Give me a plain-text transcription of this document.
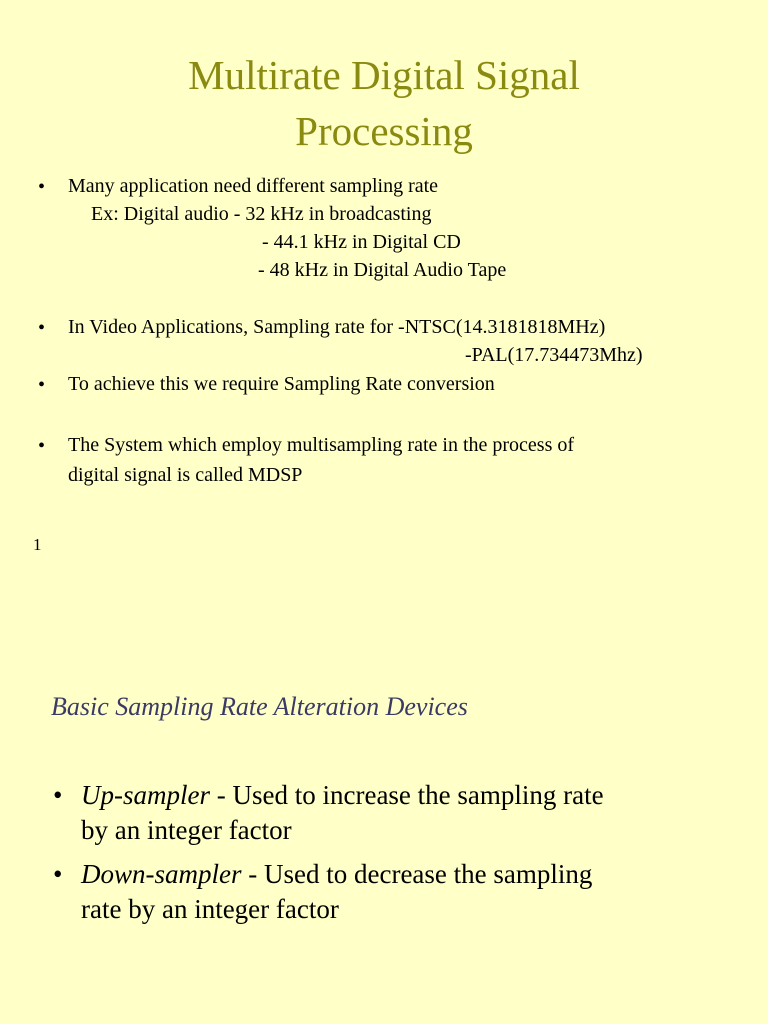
Multirate Digital Signal
Processing
• Many application need different sampling rate
Ex: Digital audio - 32 kHz in broadcasting
- 44.1 kHz in Digital CD
- 48 kHz in Digital Audio Tape
• In Video Applications, Sampling rate for -NTSC(14.3181818MHz)
-PAL(17.734473Mhz)
• To achieve this we require Sampling Rate conversion
• The System which employ multisampling rate in the process of
digital signal is called MDSP
1
Basic Sampling Rate Alteration Devices
• Up-sampler - Used to increase the sampling rate
by an integer factor
• Down-sampler - Used to decrease the sampling
rate by an integer factor
